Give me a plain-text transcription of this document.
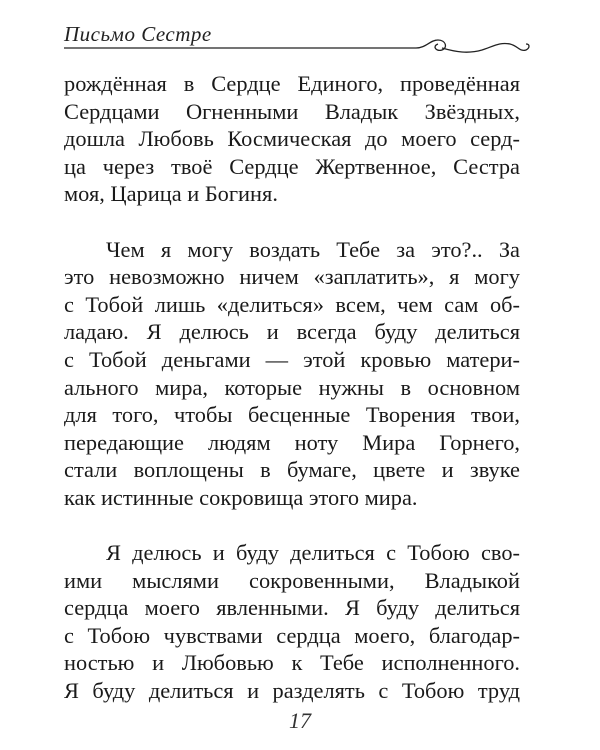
Письмо Сестре

рождённая в Сердце Единого, проведённая
Сердцами Огненными Владык Звёздных,
дошла Любовь Космическая до моего серд-
ца через твоё Сердце Жертвенное, Сестра
моя, Царица и Богиня.

Чем я могу воздать Тебе за это?.. За
это невозможно ничем «заплатить», я могу
с Тобой лишь «делиться» всем, чем сам об-
ладаю. Я делюсь и всегда буду делиться
с Тобой деньгами — этой кровью матери-
ального мира, которые нужны в основном
для того, чтобы бесценные Творения твои,
передающие людям ноту Мира Горнего,
стали воплощены в бумаге, цвете и звуке
как истинные сокровища этого мира.

Я делюсь и буду делиться с Тобою сво-
ими мыслями сокровенными, Владыкой
сердца моего явленными. Я буду делиться
с Тобою чувствами сердца моего, благодар-
ностью и Любовью к Тебе исполненного.
Я буду делиться и разделять с Тобою труд

17
